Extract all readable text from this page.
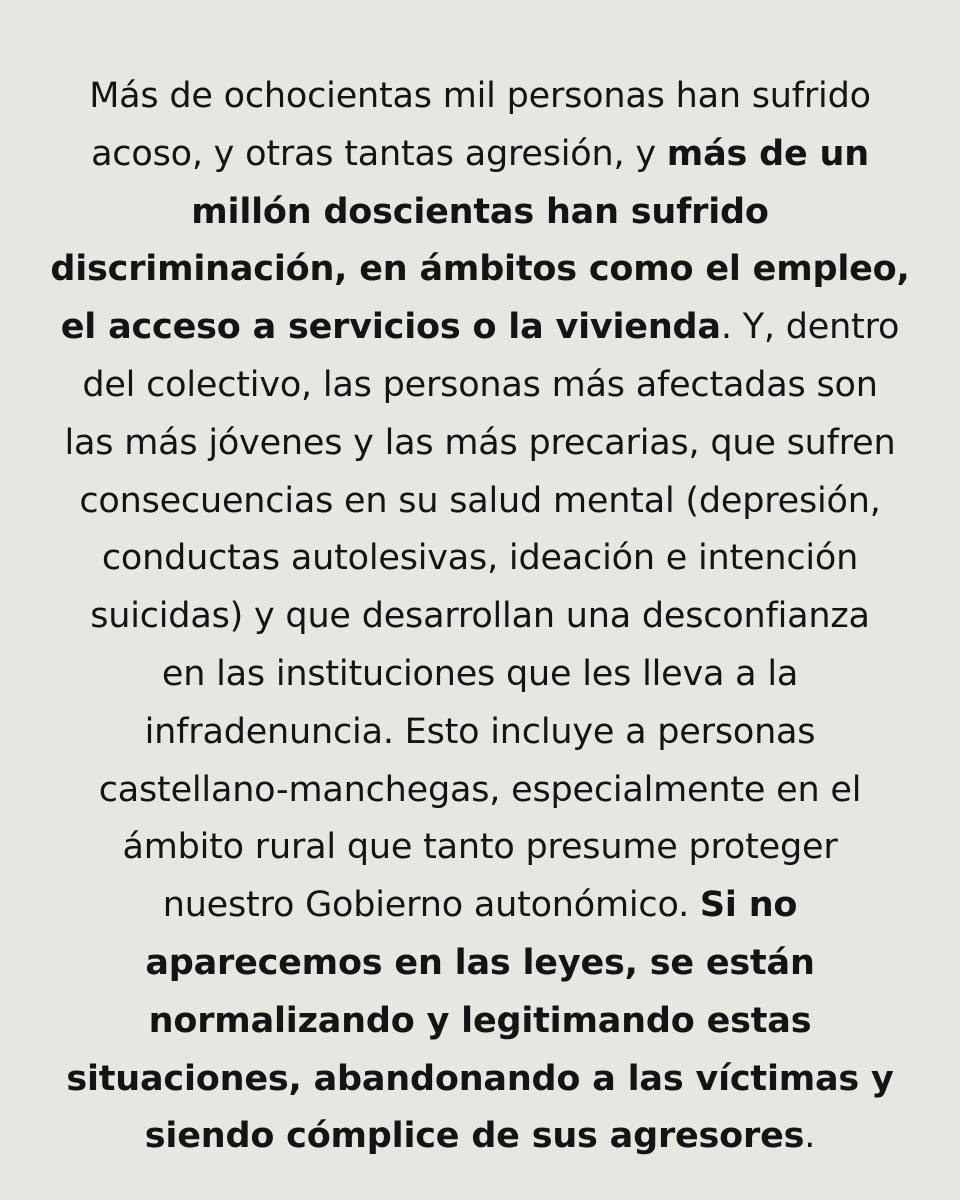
Más de ochocientas mil personas han sufrido
acoso, y otras tantas agresión, y más de un
millón doscientas han sufrido
discriminación, en ámbitos como el empleo,
el acceso a servicios o la vivienda. Y, dentro
del colectivo, las personas más afectadas son
las más jóvenes y las más precarias, que sufren
consecuencias en su salud mental (depresión,
conductas autolesivas, ideación e intención
suicidas) y que desarrollan una desconfianza
en las instituciones que les lleva a la
infradenuncia. Esto incluye a personas
castellano-manchegas, especialmente en el
ámbito rural que tanto presume proteger
nuestro Gobierno autonómico. Si no
aparecemos en las leyes, se están
normalizando y legitimando estas
situaciones, abandonando a las víctimas y
siendo cómplice de sus agresores.
